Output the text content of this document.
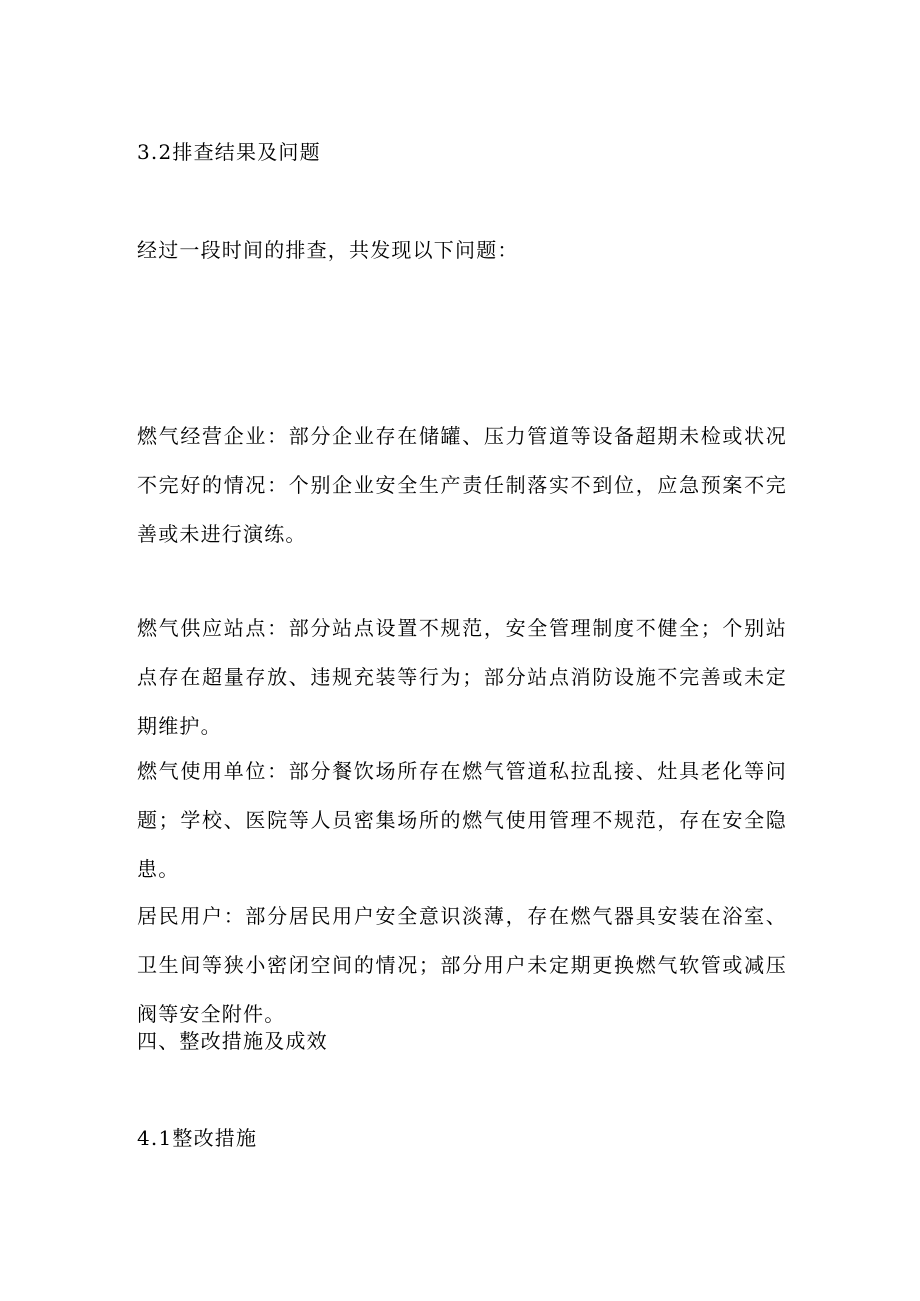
3.2排查结果及问题
经过一段时间的排查，共发现以下问题：
燃气经营企业：部分企业存在储罐、压力管道等设备超期未检或状况不完好的情况：个别企业安全生产责任制落实不到位，应急预案不完善或未进行演练。
燃气供应站点：部分站点设置不规范，安全管理制度不健全；个别站点存在超量存放、违规充装等行为；部分站点消防设施不完善或未定期维护。
燃气使用单位：部分餐饮场所存在燃气管道私拉乱接、灶具老化等问题；学校、医院等人员密集场所的燃气使用管理不规范，存在安全隐患。
居民用户：部分居民用户安全意识淡薄，存在燃气器具安装在浴室、卫生间等狭小密闭空间的情况；部分用户未定期更换燃气软管或减压阀等安全附件。
四、整改措施及成效
4.1整改措施
